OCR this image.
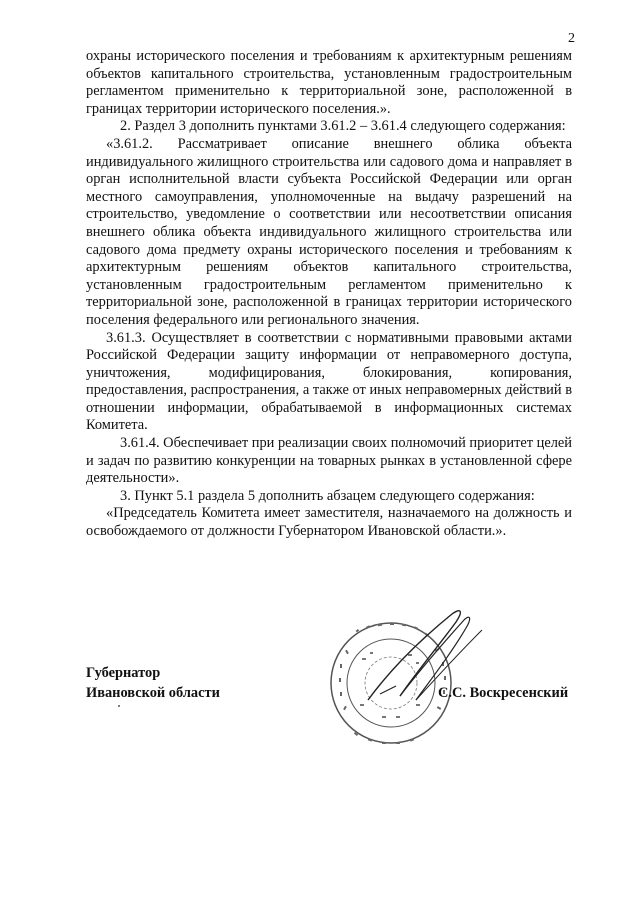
2

охраны исторического поселения и требованиям к архитектурным решениям объектов капитального строительства, установленным градостроительным регламентом применительно к территориальной зоне, расположенной в границах территории исторического поселения.».

2. Раздел 3 дополнить пунктами 3.61.2 – 3.61.4 следующего содержания:

«3.61.2. Рассматривает описание внешнего облика объекта индивидуального жилищного строительства или садового дома и направляет в орган исполнительной власти субъекта Российской Федерации или орган местного самоуправления, уполномоченные на выдачу разрешений на строительство, уведомление о соответствии или несоответствии описания внешнего облика объекта индивидуального жилищного строительства или садового дома предмету охраны исторического поселения и требованиям к архитектурным решениям объектов капитального строительства, установленным градостроительным регламентом применительно к территориальной зоне, расположенной в границах территории исторического поселения федерального или регионального значения.

3.61.3. Осуществляет в соответствии с нормативными правовыми актами Российской Федерации защиту информации от неправомерного доступа, уничтожения, модифицирования, блокирования, копирования, предоставления, распространения, а также от иных неправомерных действий в отношении информации, обрабатываемой в информационных системах Комитета.

3.61.4. Обеспечивает при реализации своих полномочий приоритет целей и задач по развитию конкуренции на товарных рынках в установленной сфере деятельности».

3. Пункт 5.1 раздела 5 дополнить абзацем следующего содержания:

«Председатель Комитета имеет заместителя, назначаемого на должность и освобождаемого от должности Губернатором Ивановской области.».

Губернатор
Ивановской области	С.С. Воскресенский
